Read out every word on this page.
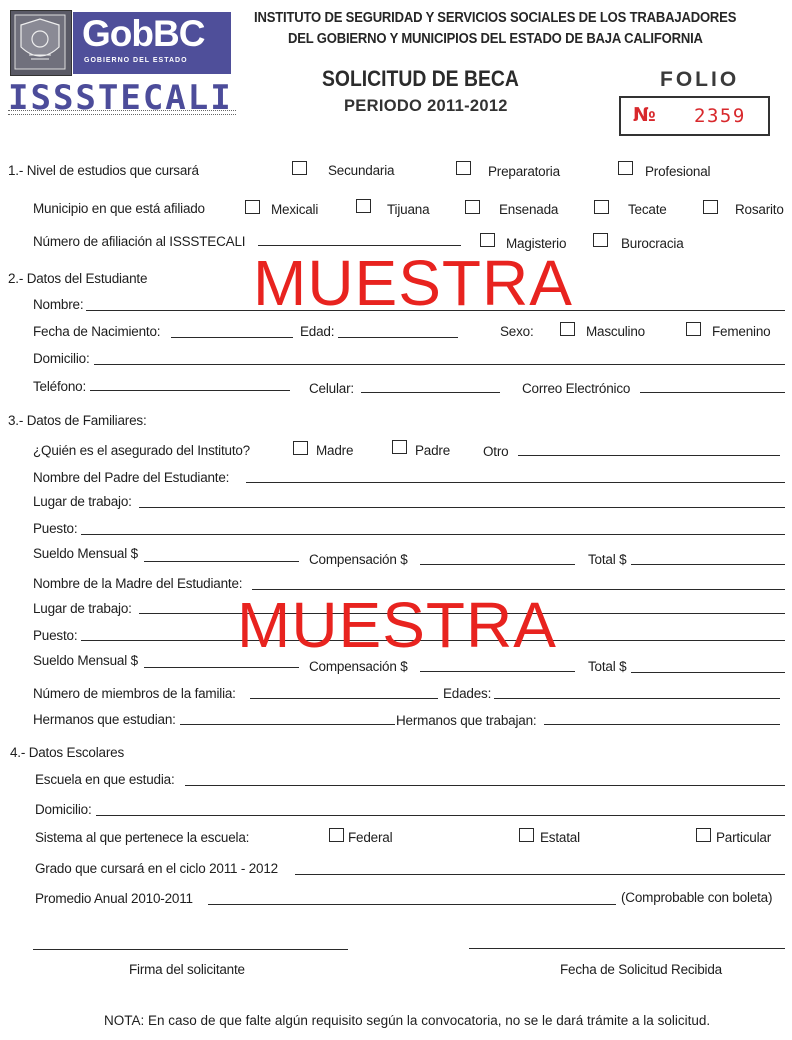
GobBC
GOBIERNO DEL ESTADO
ISSSTECALI
INSTITUTO DE SEGURIDAD Y SERVICIOS SOCIALES DE LOS TRABAJADORES
DEL GOBIERNO Y MUNICIPIOS DEL ESTADO DE BAJA CALIFORNIA
SOLICITUD DE BECA
PERIODO 2011-2012
FOLIO
№ 2359
1.- Nivel de estudios que cursará	Secundaria	Preparatoria	Profesional
Municipio en que está afiliado	Mexicali	Tijuana	Ensenada	Tecate	Rosarito
Número de afiliación al ISSSTECALI	Magisterio	Burocracia
2.- Datos del Estudiante
Nombre:
Fecha de Nacimiento:	Edad:	Sexo:	Masculino	Femenino
Domicilio:
Teléfono:	Celular:	Correo Electrónico
3.- Datos de Familiares:
¿Quién es el asegurado del Instituto?	Madre	Padre Otro
Nombre del Padre del Estudiante:
Lugar de trabajo:
Puesto:
Sueldo Mensual $	Compensación $	Total $
Nombre de la Madre del Estudiante:
Lugar de trabajo:
Puesto:
Sueldo Mensual $	Compensación $	Total $
Número de miembros de la familia:	Edades:
Hermanos que estudian:	Hermanos que trabajan:
4.- Datos Escolares
Escuela en que estudia:
Domicilio:
Sistema al que pertenece la escuela:	Federal	Estatal	Particular
Grado que cursará en el ciclo 2011 - 2012
Promedio Anual 2010-2011	(Comprobable con boleta)
Firma del solicitante	Fecha de Solicitud Recibida
NOTA: En caso de que falte algún requisito según la convocatoria, no se le dará trámite a la solicitud.
MUESTRA
MUESTRA
